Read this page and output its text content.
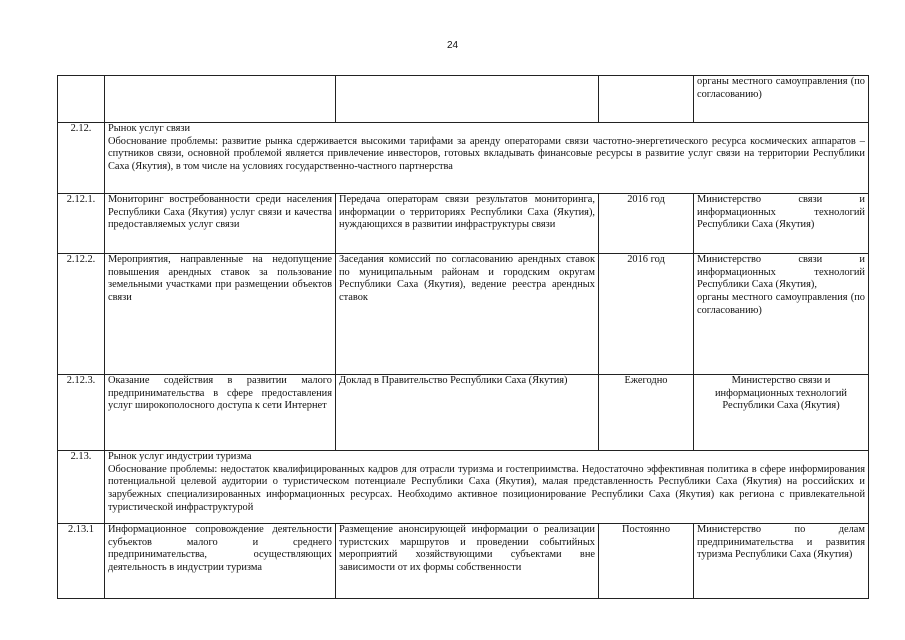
24

				органы местного самоуправления (по согласованию)

2.12.	Рынок услуг связи
Обоснование проблемы: развитие рынка сдерживается высокими тарифами за аренду операторами связи частотно-энергетического ресурса космических аппаратов – спутников связи, основной проблемой является привлечение инвесторов, готовых вкладывать финансовые ресурсы в развитие услуг связи на территории Республики Саха (Якутия), в том числе на условиях государственно-частного партнерства			

2.12.1.	Мониторинг востребованности среди населения Республики Саха (Якутия) услуг связи и качества предоставляемых услуг связи	Передача операторам связи результатов мониторинга, информации о территориях Республики Саха (Якутия), нуждающихся в развитии инфраструктуры связи	2016 год	Министерство связи и информационных технологий Республики Саха (Якутия)

2.12.2.	Мероприятия, направленные на недопущение повышения арендных ставок за пользование земельными участками при размещении объектов связи	Заседания комиссий по согласованию арендных ставок по муниципальным районам и городским округам Республики Саха (Якутия), ведение реестра арендных ставок	2016 год	Министерство связи и информационных технологий Республики Саха (Якутия),
органы местного самоуправления (по согласованию)

2.12.3.	Оказание содействия в развитии малого предпринимательства в сфере предоставления услуг широкополосного доступа к сети Интернет	Доклад в Правительство Республики Саха (Якутия)	Ежегодно	Министерство связи и информационных технологий Республики Саха (Якутия)

2.13.	Рынок услуг индустрии туризма
Обоснование проблемы: недостаток квалифицированных кадров для отрасли туризма и гостеприимства. Недостаточно эффективная политика в сфере информирования потенциальной целевой аудитории о туристическом потенциале Республики Саха (Якутия), малая представленность Республики Саха (Якутия) на российских и зарубежных специализированных информационных ресурсах. Необходимо активное позиционирование Республики Саха (Якутия) как региона с привлекательной туристической инфраструктурой			

2.13.1	Информационное сопровождение деятельности субъектов малого и среднего предпринимательства, осуществляющих деятельность в индустрии туризма	Размещение анонсирующей информации о реализации туристских маршрутов и проведении событийных мероприятий хозяйствующими субъектами вне зависимости от их формы собственности	Постоянно	Министерство по делам предпринимательства и развития туризма Республики Саха (Якутия)
